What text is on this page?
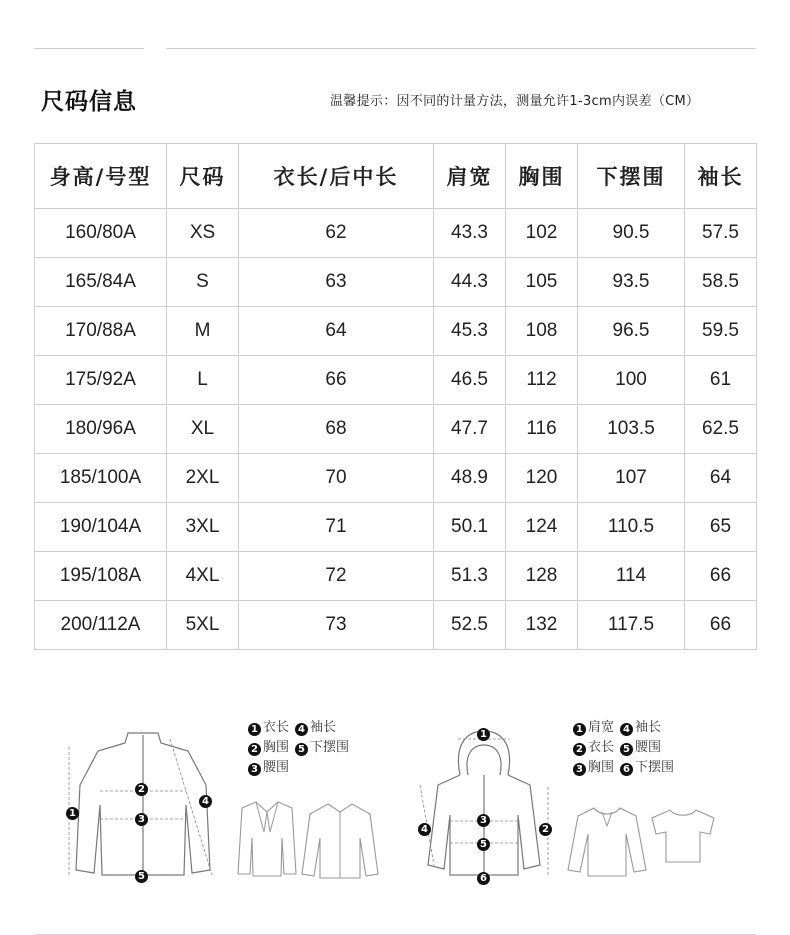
尺码信息	温馨提示：因不同的计量方法，测量允许1-3cm内误差（CM）
身高/号型	尺码	衣长/后中长	肩宽	胸围	下摆围	袖长
160/80A	XS	62	43.3	102	90.5	57.5
165/84A	S	63	44.3	105	93.5	58.5
170/88A	M	64	45.3	108	96.5	59.5
175/92A	L	66	46.5	112	100	61
180/96A	XL	68	47.7	116	103.5	62.5
185/100A	2XL	70	48.9	120	107	64
190/104A	3XL	71	50.1	124	110.5	65
195/108A	4XL	72	51.3	128	114	66
200/112A	5XL	73	52.5	132	117.5	66
1
2
3
4
5
1 衣长 4 袖长
2 胸围 5 下摆围
3 腰围
1
2
3
4
5
6
1 肩宽 4 袖长
2 衣长 5 腰围
3 胸围 6 下摆围
